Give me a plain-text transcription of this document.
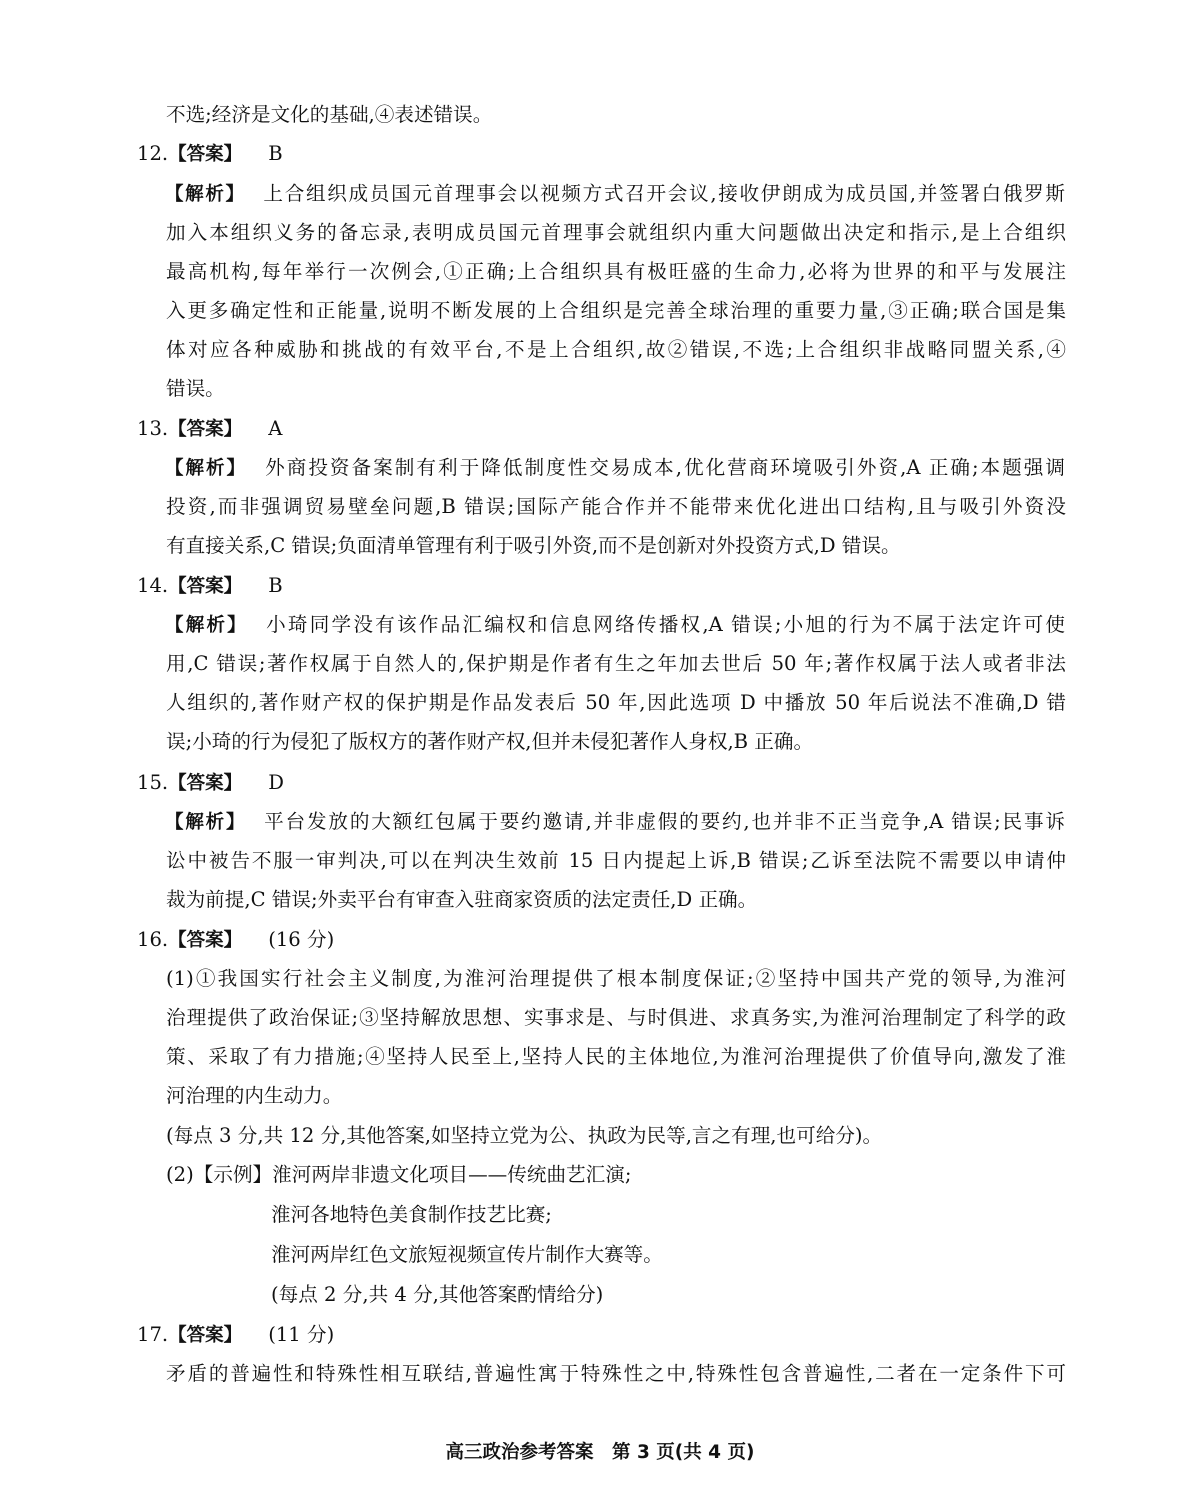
不选;经济是文化的基础,④表述错误。
12.【答案】 B
【解析】 上合组织成员国元首理事会以视频方式召开会议,接收伊朗成为成员国,并签署白俄罗斯
加入本组织义务的备忘录,表明成员国元首理事会就组织内重大问题做出决定和指示,是上合组织
最高机构,每年举行一次例会,①正确;上合组织具有极旺盛的生命力,必将为世界的和平与发展注
入更多确定性和正能量,说明不断发展的上合组织是完善全球治理的重要力量,③正确;联合国是集
体对应各种威胁和挑战的有效平台,不是上合组织,故②错误,不选;上合组织非战略同盟关系,④
错误。
13.【答案】 A
【解析】 外商投资备案制有利于降低制度性交易成本,优化营商环境吸引外资,A 正确;本题强调
投资,而非强调贸易壁垒问题,B 错误;国际产能合作并不能带来优化进出口结构,且与吸引外资没
有直接关系,C 错误;负面清单管理有利于吸引外资,而不是创新对外投资方式,D 错误。
14.【答案】 B
【解析】 小琦同学没有该作品汇编权和信息网络传播权,A 错误;小旭的行为不属于法定许可使
用,C 错误;著作权属于自然人的,保护期是作者有生之年加去世后 50 年;著作权属于法人或者非法
人组织的,著作财产权的保护期是作品发表后 50 年,因此选项 D 中播放 50 年后说法不准确,D 错
误;小琦的行为侵犯了版权方的著作财产权,但并未侵犯著作人身权,B 正确。
15.【答案】 D
【解析】 平台发放的大额红包属于要约邀请,并非虚假的要约,也并非不正当竞争,A 错误;民事诉
讼中被告不服一审判决,可以在判决生效前 15 日内提起上诉,B 错误;乙诉至法院不需要以申请仲
裁为前提,C 错误;外卖平台有审查入驻商家资质的法定责任,D 正确。
16.【答案】 (16 分)
(1)①我国实行社会主义制度,为淮河治理提供了根本制度保证;②坚持中国共产党的领导,为淮河
治理提供了政治保证;③坚持解放思想、实事求是、与时俱进、求真务实,为淮河治理制定了科学的政
策、采取了有力措施;④坚持人民至上,坚持人民的主体地位,为淮河治理提供了价值导向,激发了淮
河治理的内生动力。
(每点 3 分,共 12 分,其他答案,如坚持立党为公、执政为民等,言之有理,也可给分)。
(2)【示例】淮河两岸非遗文化项目——传统曲艺汇演;
淮河各地特色美食制作技艺比赛;
淮河两岸红色文旅短视频宣传片制作大赛等。
(每点 2 分,共 4 分,其他答案酌情给分)
17.【答案】 (11 分)
矛盾的普遍性和特殊性相互联结,普遍性寓于特殊性之中,特殊性包含普遍性,二者在一定条件下可
高三政治参考答案　第 3 页(共 4 页)
